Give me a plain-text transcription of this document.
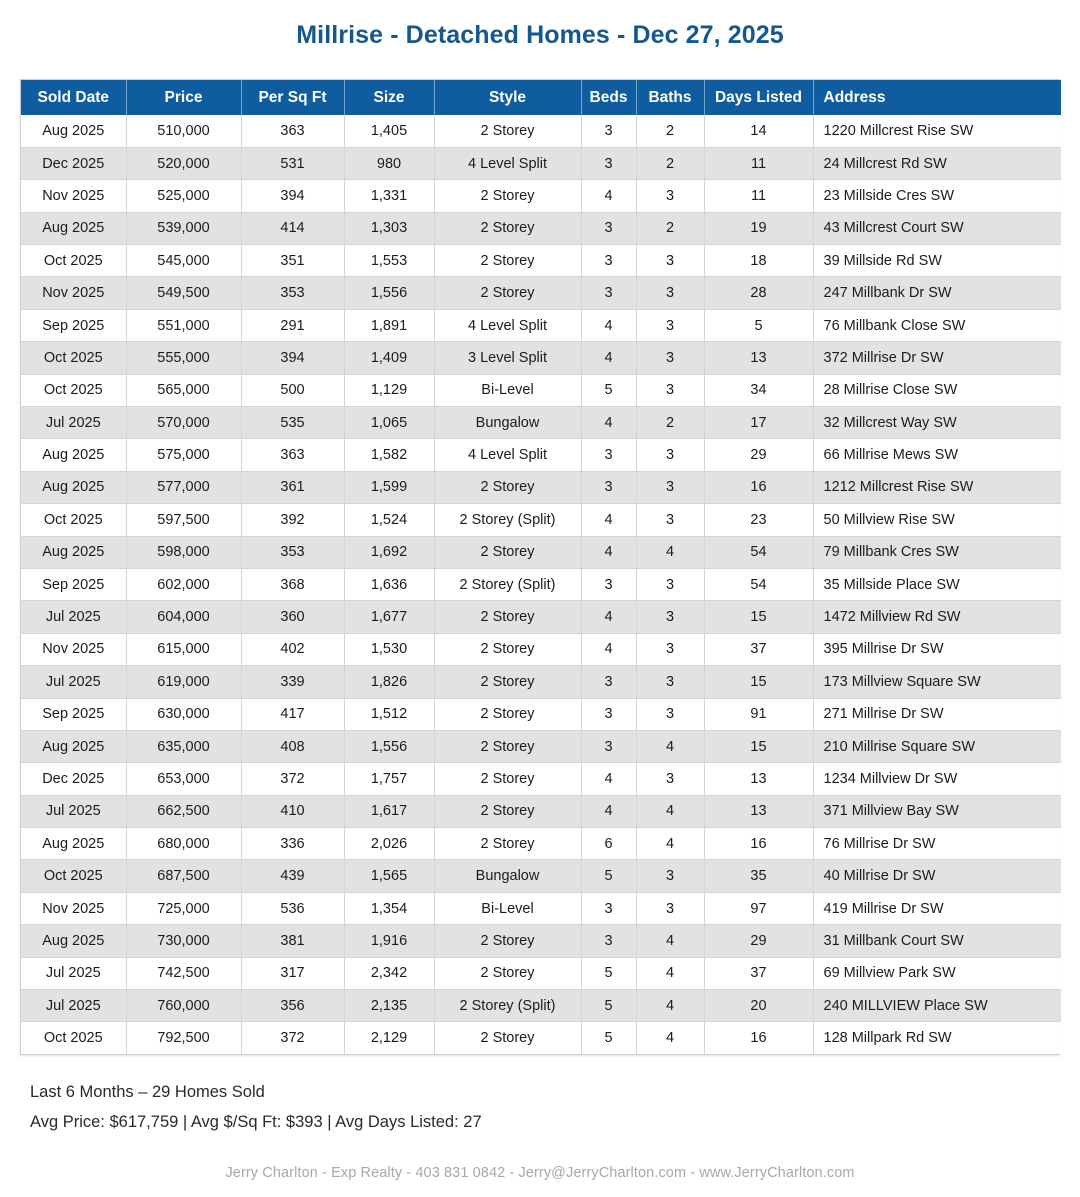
Millrise - Detached Homes - Dec 27, 2025
Sold Date	Price	Per Sq Ft	Size	Style	Beds	Baths	Days Listed	Address
Aug 2025	510,000	363	1,405	2 Storey	3	2	14	1220 Millcrest Rise SW
Dec 2025	520,000	531	980	4 Level Split	3	2	11	24 Millcrest Rd SW
Nov 2025	525,000	394	1,331	2 Storey	4	3	11	23 Millside Cres SW
Aug 2025	539,000	414	1,303	2 Storey	3	2	19	43 Millcrest Court SW
Oct 2025	545,000	351	1,553	2 Storey	3	3	18	39 Millside Rd SW
Nov 2025	549,500	353	1,556	2 Storey	3	3	28	247 Millbank Dr SW
Sep 2025	551,000	291	1,891	4 Level Split	4	3	5	76 Millbank Close SW
Oct 2025	555,000	394	1,409	3 Level Split	4	3	13	372 Millrise Dr SW
Oct 2025	565,000	500	1,129	Bi-Level	5	3	34	28 Millrise Close SW
Jul 2025	570,000	535	1,065	Bungalow	4	2	17	32 Millcrest Way SW
Aug 2025	575,000	363	1,582	4 Level Split	3	3	29	66 Millrise Mews SW
Aug 2025	577,000	361	1,599	2 Storey	3	3	16	1212 Millcrest Rise SW
Oct 2025	597,500	392	1,524	2 Storey (Split)	4	3	23	50 Millview Rise SW
Aug 2025	598,000	353	1,692	2 Storey	4	4	54	79 Millbank Cres SW
Sep 2025	602,000	368	1,636	2 Storey (Split)	3	3	54	35 Millside Place SW
Jul 2025	604,000	360	1,677	2 Storey	4	3	15	1472 Millview Rd SW
Nov 2025	615,000	402	1,530	2 Storey	4	3	37	395 Millrise Dr SW
Jul 2025	619,000	339	1,826	2 Storey	3	3	15	173 Millview Square SW
Sep 2025	630,000	417	1,512	2 Storey	3	3	91	271 Millrise Dr SW
Aug 2025	635,000	408	1,556	2 Storey	3	4	15	210 Millrise Square SW
Dec 2025	653,000	372	1,757	2 Storey	4	3	13	1234 Millview Dr SW
Jul 2025	662,500	410	1,617	2 Storey	4	4	13	371 Millview Bay SW
Aug 2025	680,000	336	2,026	2 Storey	6	4	16	76 Millrise Dr SW
Oct 2025	687,500	439	1,565	Bungalow	5	3	35	40 Millrise Dr SW
Nov 2025	725,000	536	1,354	Bi-Level	3	3	97	419 Millrise Dr SW
Aug 2025	730,000	381	1,916	2 Storey	3	4	29	31 Millbank Court SW
Jul 2025	742,500	317	2,342	2 Storey	5	4	37	69 Millview Park SW
Jul 2025	760,000	356	2,135	2 Storey (Split)	5	4	20	240 MILLVIEW Place SW
Oct 2025	792,500	372	2,129	2 Storey	5	4	16	128 Millpark Rd SW
Last 6 Months – 29 Homes Sold
Avg Price: $617,759 | Avg $/Sq Ft: $393 | Avg Days Listed: 27
Jerry Charlton - Exp Realty - 403 831 0842 - Jerry@JerryCharlton.com - www.JerryCharlton.com
